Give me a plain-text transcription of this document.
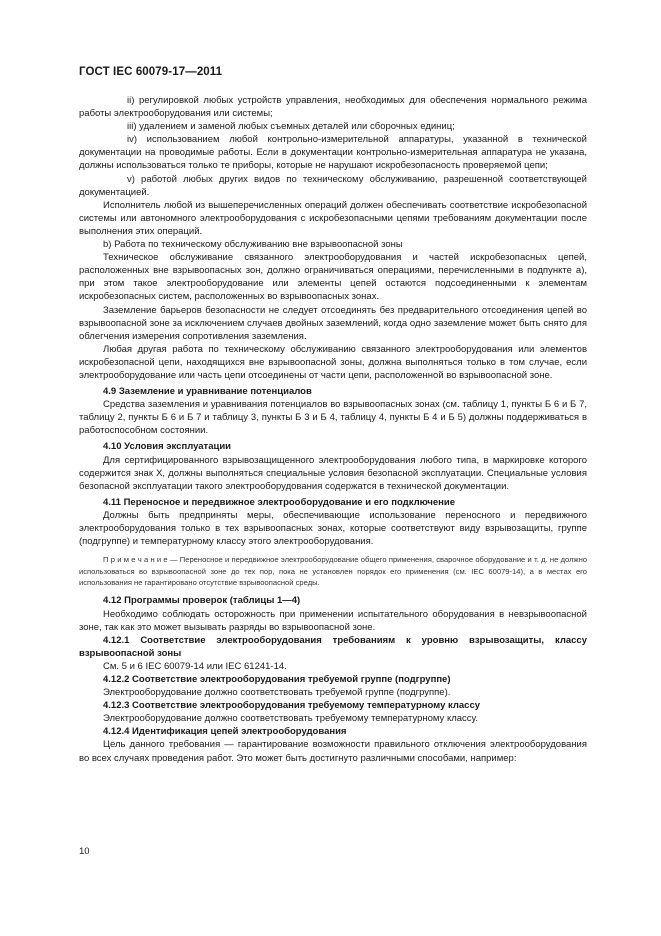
ГОСТ IEC 60079-17—2011

ii) регулировкой любых устройств управления, необходимых для обеспечения нормального режима работы электрооборудования или системы;

iii) удалением и заменой любых съемных деталей или сборочных единиц;

iv) использованием любой контрольно-измерительной аппаратуры, указанной в технической документации на проводимые работы. Если в документации контрольно-измерительная аппаратура не указана, должны использоваться только те приборы, которые не нарушают искробезопасность проверяемой цепи;

v) работой любых других видов по техническому обслуживанию, разрешенной соответствующей документацией.

Исполнитель любой из вышеперечисленных операций должен обеспечивать соответствие искробезопасной системы или автономного электрооборудования с искробезопасными цепями требованиям документации после выполнения этих операций.

b) Работа по техническому обслуживанию вне взрывоопасной зоны

Техническое обслуживание связанного электрооборудования и частей искробезопасных цепей, расположенных вне взрывоопасных зон, должно ограничиваться операциями, перечисленными в подпункте а), при этом такое электрооборудование или элементы цепей остаются подсоединенными к элементам искробезопасных систем, расположенных во взрывоопасных зонах.

Заземление барьеров безопасности не следует отсоединять без предварительного отсоединения цепей во взрывоопасной зоне за исключением случаев двойных заземлений, когда одно заземление может быть снято для облегчения измерения сопротивления заземления.

Любая другая работа по техническому обслуживанию связанного электрооборудования или элементов искробезопасной цепи, находящихся вне взрывоопасной зоны, должна выполняться только в том случае, если электрооборудование или часть цепи отсоединены от части цепи, расположенной во взрывоопасной зоне.

4.9 Заземление и уравнивание потенциалов

Средства заземления и уравнивания потенциалов во взрывоопасных зонах (см. таблицу 1, пункты Б 6 и Б 7, таблицу 2, пункты Б 6 и Б 7 и таблицу 3, пункты Б 3 и Б 4, таблицу 4, пункты Б 4 и Б 5) должны поддерживаться в работоспособном состоянии.

4.10 Условия эксплуатации

Для сертифицированного взрывозащищенного электрооборудования любого типа, в маркировке которого содержится знак X, должны выполняться специальные условия безопасной эксплуатации. Специальные условия безопасной эксплуатации такого электрооборудования содержатся в технической документации.

4.11 Переносное и передвижное электрооборудование и его подключение

Должны быть предприняты меры, обеспечивающие использование переносного и передвижного электрооборудования только в тех взрывоопасных зонах, которые соответствуют виду взрывозащиты, группе (подгруппе) и температурному классу этого электрооборудования.

П р и м е ч а н и е — Переносное и передвижное электрооборудование общего применения, сварочное оборудование и т. д. не должно использоваться во взрывоопасной зоне до тех пор, пока не установлен порядок его применения (см. IEC 60079-14), а в местах его использования не гарантировано отсутствие взрывоопасной среды.

4.12 Программы проверок (таблицы 1—4)

Необходимо соблюдать осторожность при применении испытательного оборудования в невзрывоопасной зоне, так как это может вызывать разряды во взрывоопасной зоне.

4.12.1 Соответствие электрооборудования требованиям к уровню взрывозащиты, классу взрывоопасной зоны

См. 5 и 6 IEC 60079-14 или IEC 61241-14.

4.12.2 Соответствие электрооборудования требуемой группе (подгруппе)

Электрооборудование должно соответствовать требуемой группе (подгруппе).

4.12.3 Соответствие электрооборудования требуемому температурному классу

Электрооборудование должно соответствовать требуемому температурному классу.

4.12.4 Идентификация цепей электрооборудования

Цель данного требования — гарантирование возможности правильного отключения электрооборудования во всех случаях проведения работ. Это может быть достигнуто различными способами, например:

10
